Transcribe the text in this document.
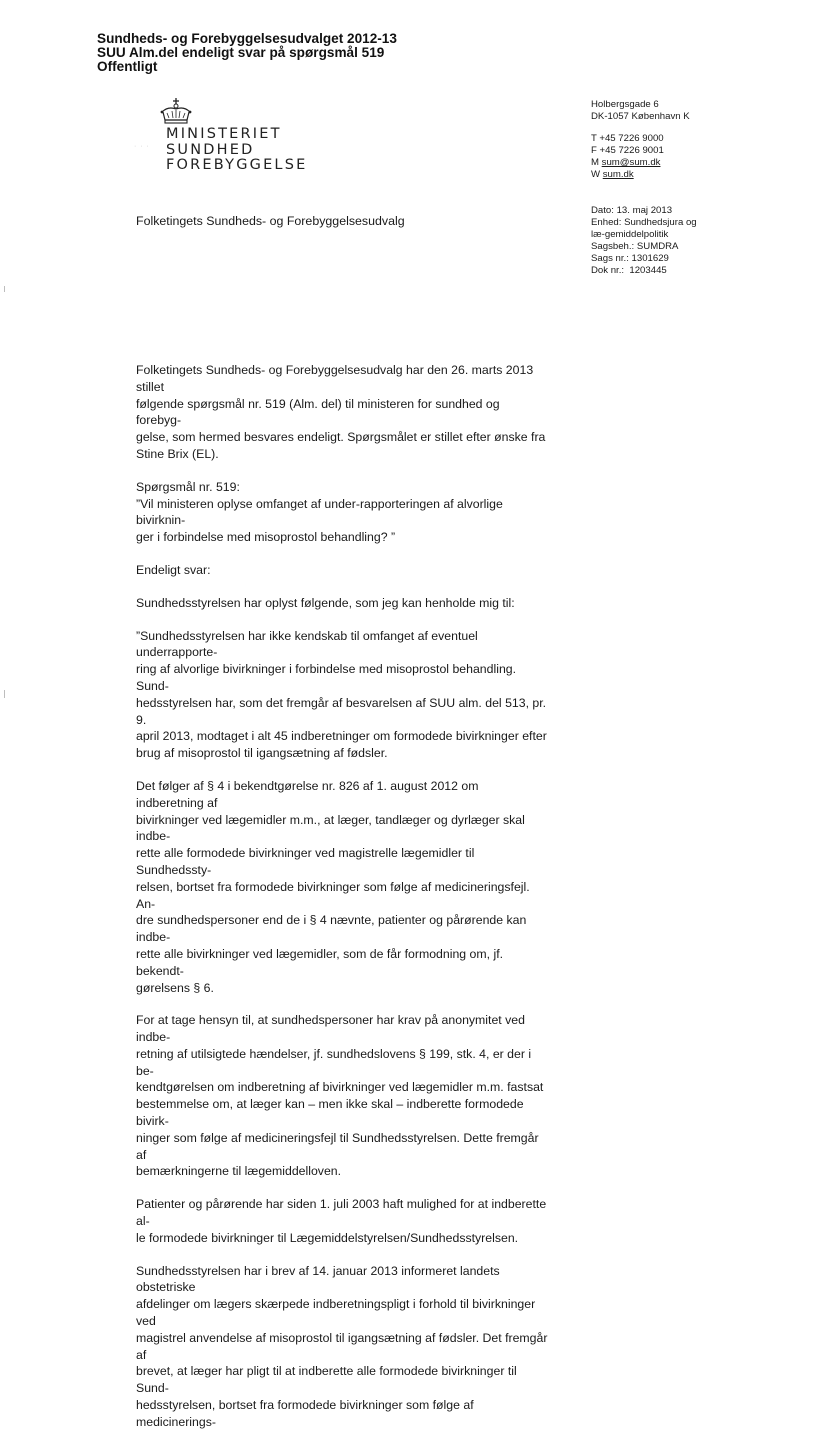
Sundheds- og Forebyggelsesudvalget 2012-13
SUU Alm.del endeligt svar på spørgsmål 519
Offentligt
· · ·
MINISTERIET
SUNDHED
FOREBYGGELSE
Holbergsgade 6
DK-1057 København K
T +45 7226 9000
F +45 7226 9001
M sum@sum.dk
W sum.dk
Folketingets Sundheds- og Forebyggelsesudvalg
Dato: 13. maj 2013
Enhed: Sundhedsjura og læ-gemiddelpolitik
Sagsbeh.: SUMDRA
Sags nr.: 1301629
Dok nr.:  1203445
Folketingets Sundheds- og Forebyggelsesudvalg har den 26. marts 2013 stillet
følgende spørgsmål nr. 519 (Alm. del) til ministeren for sundhed og forebyg-
gelse, som hermed besvares endeligt. Spørgsmålet er stillet efter ønske fra
Stine Brix (EL).
Spørgsmål nr. 519:
”Vil ministeren oplyse omfanget af under-rapporteringen af alvorlige bivirknin-
ger i forbindelse med misoprostol behandling? ”
Endeligt svar:
Sundhedsstyrelsen har oplyst følgende, som jeg kan henholde mig til:
”Sundhedsstyrelsen har ikke kendskab til omfanget af eventuel underrapporte-
ring af alvorlige bivirkninger i forbindelse med misoprostol behandling. Sund-
hedsstyrelsen har, som det fremgår af besvarelsen af SUU alm. del 513, pr. 9.
april 2013, modtaget i alt 45 indberetninger om formodede bivirkninger efter
brug af misoprostol til igangsætning af fødsler.
Det følger af § 4 i bekendtgørelse nr. 826 af 1. august 2012 om indberetning af
bivirkninger ved lægemidler m.m., at læger, tandlæger og dyrlæger skal indbe-
rette alle formodede bivirkninger ved magistrelle lægemidler til Sundhedssty-
relsen, bortset fra formodede bivirkninger som følge af medicineringsfejl. An-
dre sundhedspersoner end de i § 4 nævnte, patienter og pårørende kan indbe-
rette alle bivirkninger ved lægemidler, som de får formodning om, jf. bekendt-
gørelsens § 6.
For at tage hensyn til, at sundhedspersoner har krav på anonymitet ved indbe-
retning af utilsigtede hændelser, jf. sundhedslovens § 199, stk. 4, er der i be-
kendtgørelsen om indberetning af bivirkninger ved lægemidler m.m. fastsat
bestemmelse om, at læger kan – men ikke skal – indberette formodede bivirk-
ninger som følge af medicineringsfejl til Sundhedsstyrelsen. Dette fremgår af
bemærkningerne til lægemiddelloven.
Patienter og pårørende har siden 1. juli 2003 haft mulighed for at indberette al-
le formodede bivirkninger til Lægemiddelstyrelsen/Sundhedsstyrelsen.
Sundhedsstyrelsen har i brev af 14. januar 2013 informeret landets obstetriske
afdelinger om lægers skærpede indberetningspligt i forhold til bivirkninger ved
magistrel anvendelse af misoprostol til igangsætning af fødsler. Det fremgår af
brevet, at læger har pligt til at indberette alle formodede bivirkninger til Sund-
hedsstyrelsen, bortset fra formodede bivirkninger som følge af medicinerings-
